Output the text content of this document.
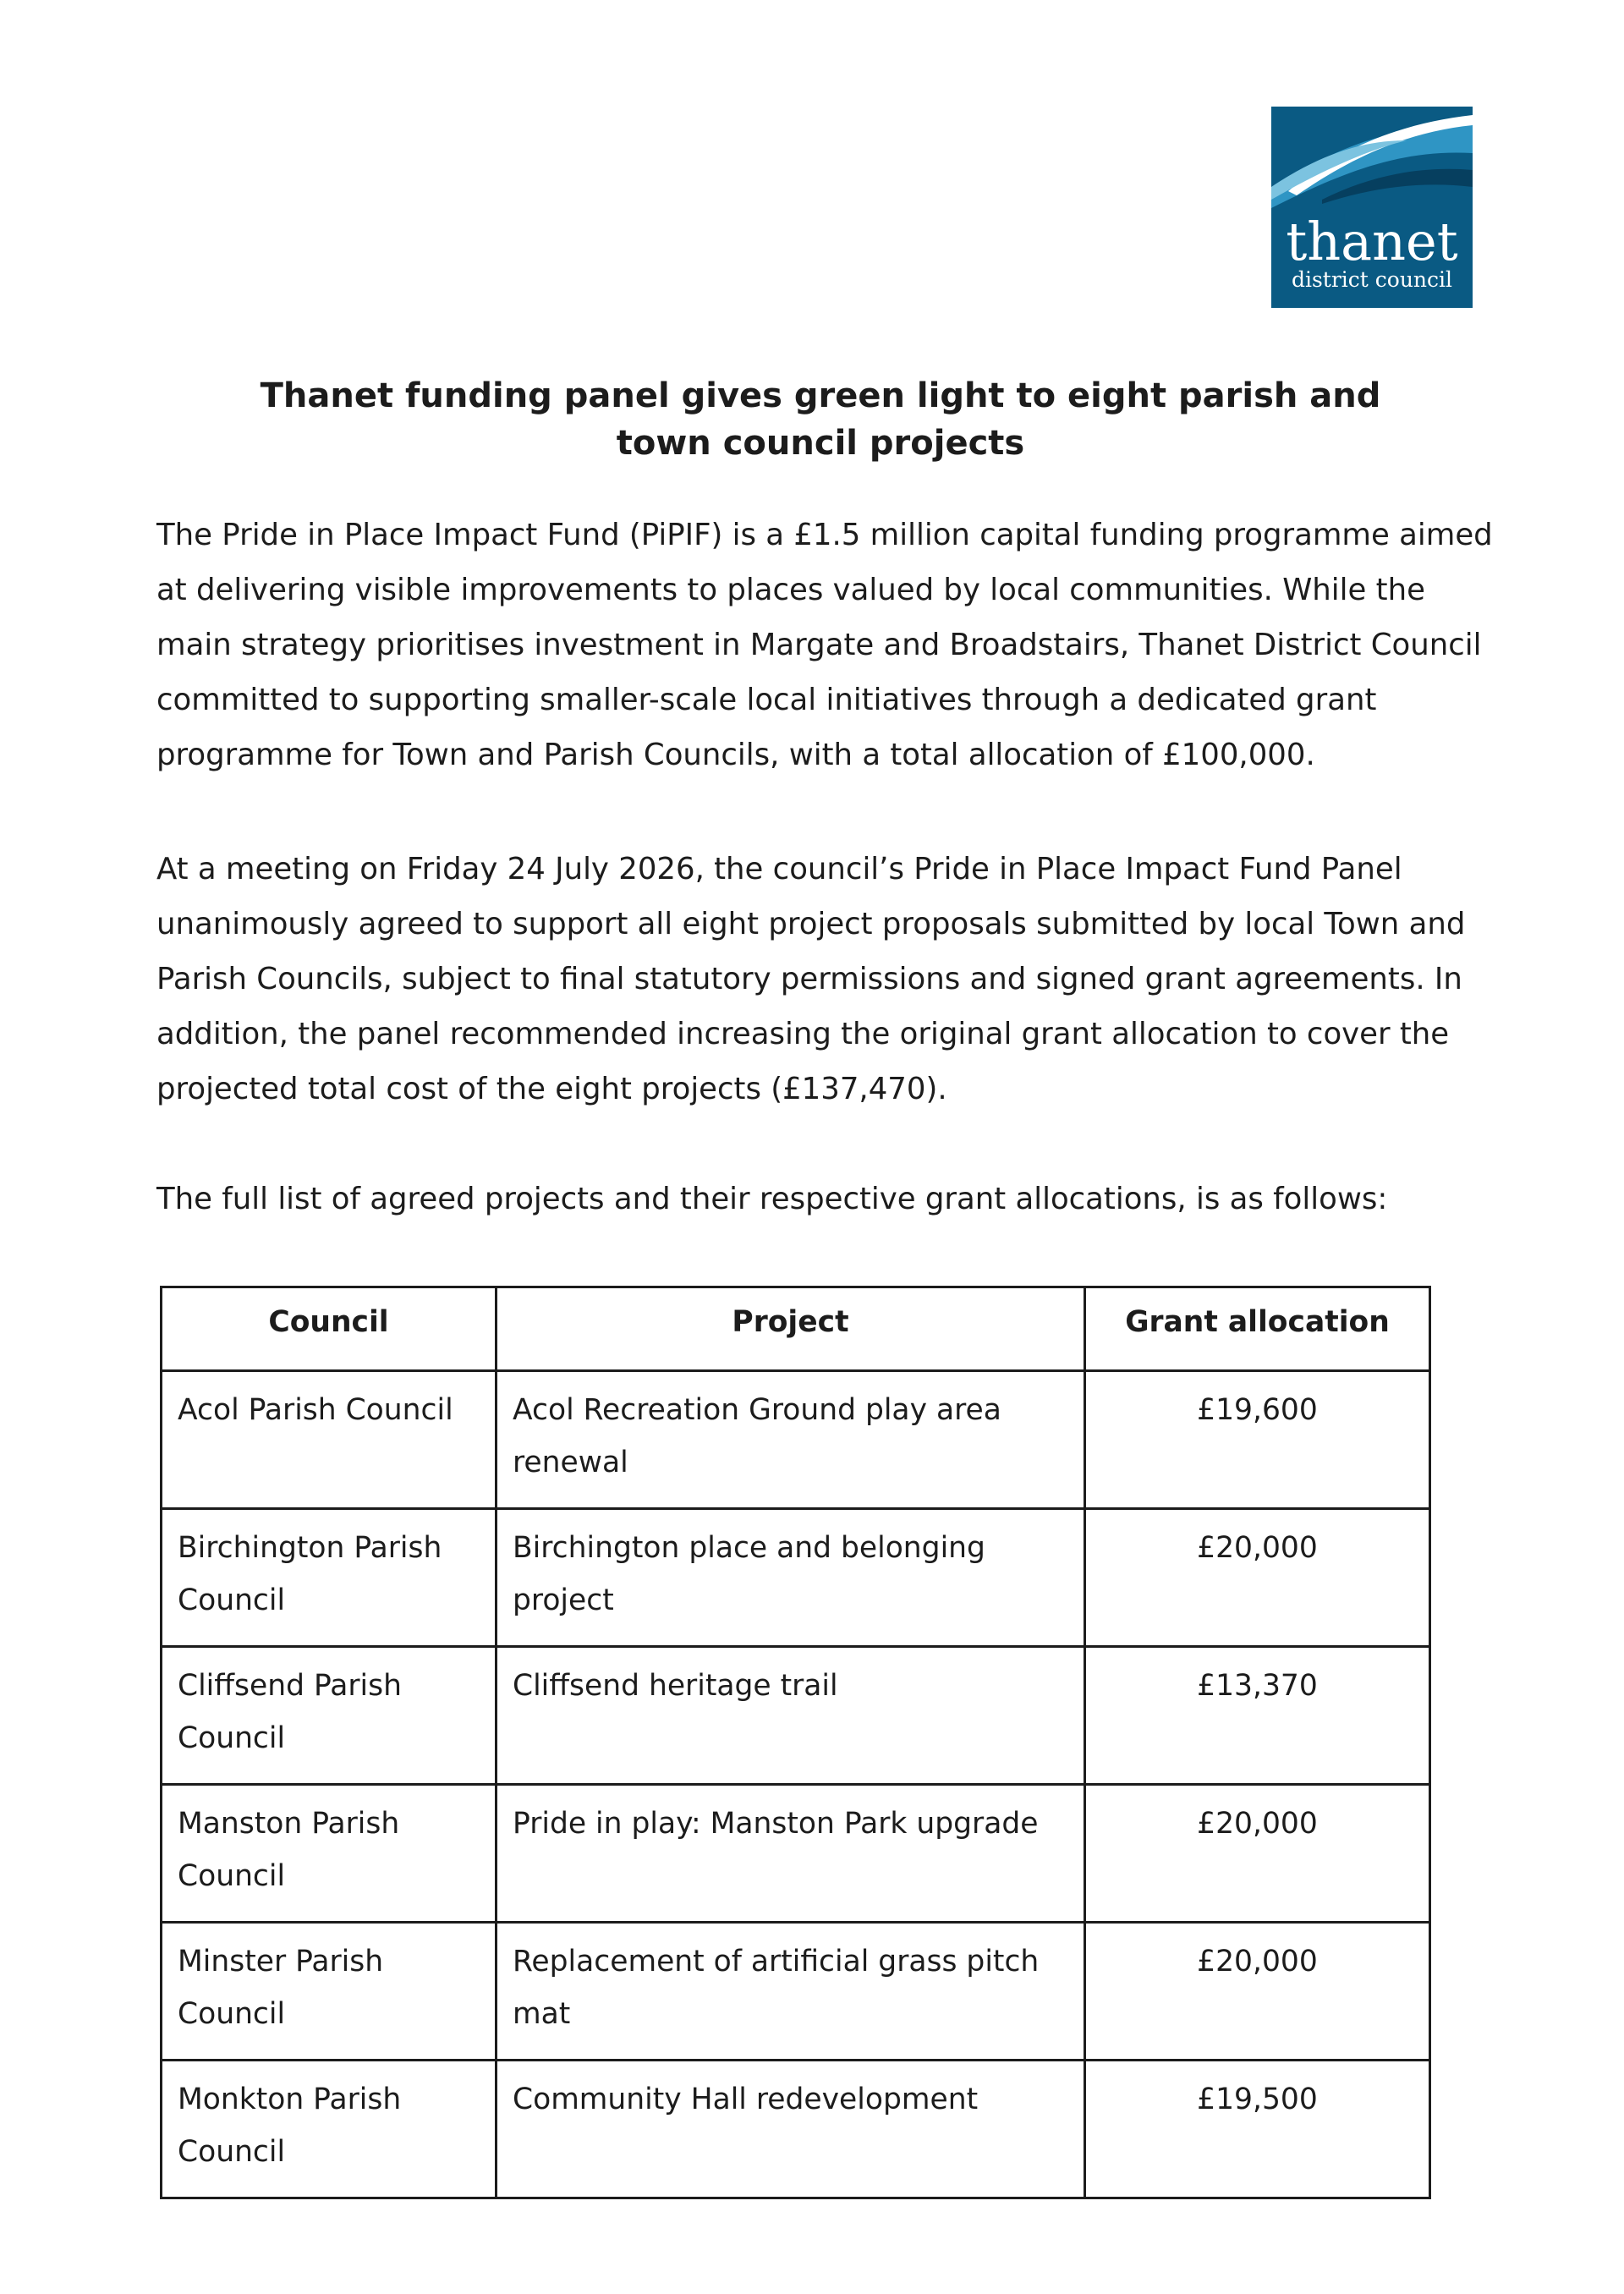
thanet
district council
Thanet funding panel gives green light to eight parish and
town council projects

The Pride in Place Impact Fund (PiPIF) is a £1.5 million capital funding programme aimed at delivering visible improvements to places valued by local communities. While the main strategy prioritises investment in Margate and Broadstairs, Thanet District Council committed to supporting smaller-scale local initiatives through a dedicated grant programme for Town and Parish Councils, with a total allocation of £100,000.

At a meeting on Friday 24 July 2026, the council’s Pride in Place Impact Fund Panel unanimously agreed to support all eight project proposals submitted by local Town and Parish Councils, subject to final statutory permissions and signed grant agreements. In addition, the panel recommended increasing the original grant allocation to cover the projected total cost of the eight projects (£137,470).

The full list of agreed projects and their respective grant allocations, is as follows:

Council	Project	Grant allocation
Acol Parish Council	Acol Recreation Ground play area renewal	£19,600
Birchington Parish Council	Birchington place and belonging project	£20,000
Cliffsend Parish Council	Cliffsend heritage trail	£13,370
Manston Parish Council	Pride in play: Manston Park upgrade	£20,000
Minster Parish Council	Replacement of artificial grass pitch mat	£20,000
Monkton Parish Council	Community Hall redevelopment	£19,500
